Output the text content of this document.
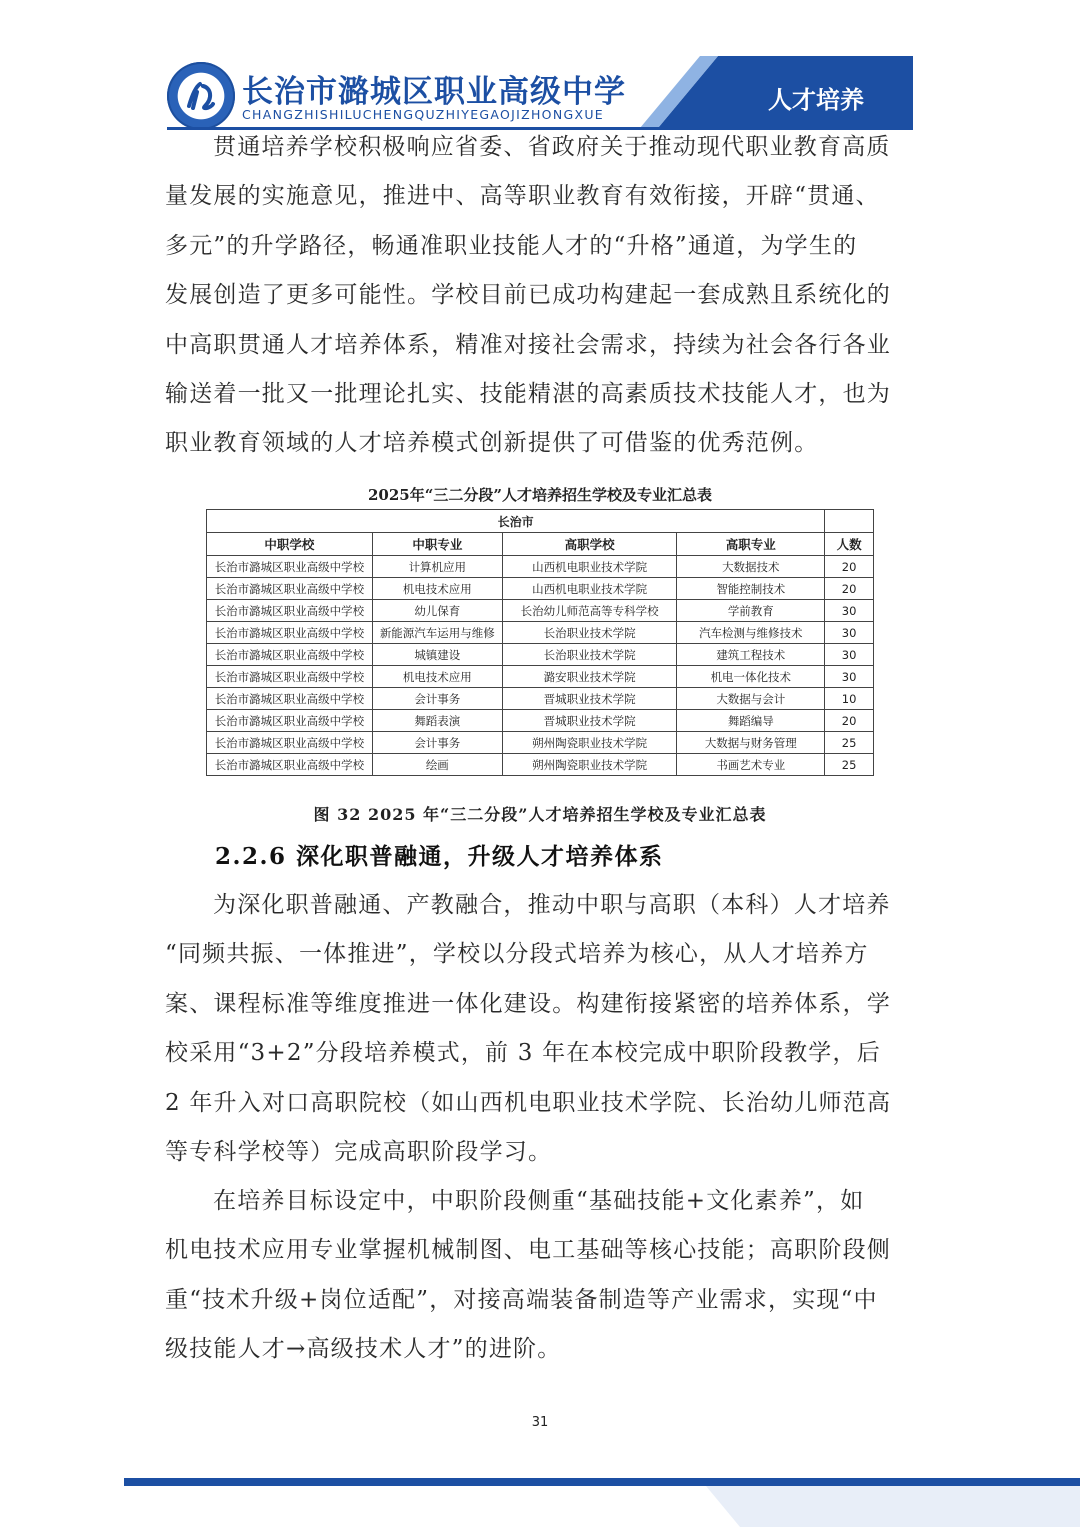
长治市潞城区职业高级中学
CHANGZHISHILUCHENGQUZHIYEGAOJIZHONGXUE
人才培养
贯通培养学校积极响应省委、省政府关于推动现代职业教育高质
量发展的实施意见，推进中、高等职业教育有效衔接，开辟“贯通、
多元”的升学路径，畅通准职业技能人才的“升格”通道，为学生的
发展创造了更多可能性。学校目前已成功构建起一套成熟且系统化的
中高职贯通人才培养体系，精准对接社会需求，持续为社会各行各业
输送着一批又一批理论扎实、技能精湛的高素质技术技能人才，也为
职业教育领域的人才培养模式创新提供了可借鉴的优秀范例。
2025年“三二分段”人才培养招生学校及专业汇总表				
长治市				
中职学校	中职专业	高职学校	高职专业	人数
长治市潞城区职业高级中学校	计算机应用	山西机电职业技术学院	大数据技术	20
长治市潞城区职业高级中学校	机电技术应用	山西机电职业技术学院	智能控制技术	20
长治市潞城区职业高级中学校	幼儿保育	长治幼儿师范高等专科学校	学前教育	30
长治市潞城区职业高级中学校	新能源汽车运用与维修	长治职业技术学院	汽车检测与维修技术	30
长治市潞城区职业高级中学校	城镇建设	长治职业技术学院	建筑工程技术	30
长治市潞城区职业高级中学校	机电技术应用	潞安职业技术学院	机电一体化技术	30
长治市潞城区职业高级中学校	会计事务	晋城职业技术学院	大数据与会计	10
长治市潞城区职业高级中学校	舞蹈表演	晋城职业技术学院	舞蹈编导	20
长治市潞城区职业高级中学校	会计事务	朔州陶瓷职业技术学院	大数据与财务管理	25
长治市潞城区职业高级中学校	绘画	朔州陶瓷职业技术学院	书画艺术专业	25
图 32 2025 年“三二分段”人才培养招生学校及专业汇总表
2.2.6 深化职普融通，升级人才培养体系
为深化职普融通、产教融合，推动中职与高职（本科）人才培养
“同频共振、一体推进”，学校以分段式培养为核心，从人才培养方
案、课程标准等维度推进一体化建设。构建衔接紧密的培养体系，学
校采用“3+2”分段培养模式，前 3 年在本校完成中职阶段教学，后
2 年升入对口高职院校（如山西机电职业技术学院、长治幼儿师范高
等专科学校等）完成高职阶段学习。
在培养目标设定中，中职阶段侧重“基础技能+文化素养”，如
机电技术应用专业掌握机械制图、电工基础等核心技能；高职阶段侧
重“技术升级+岗位适配”，对接高端装备制造等产业需求，实现“中
级技能人才→高级技术人才”的进阶。
31
